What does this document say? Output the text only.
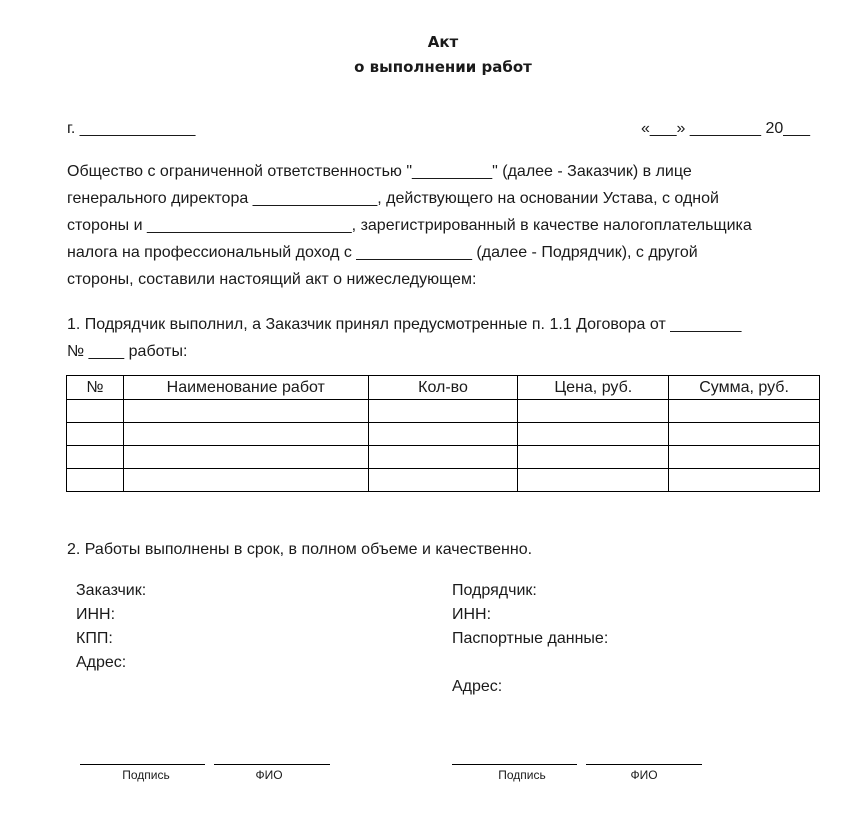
Акт
о выполнении работ
г. _____________	«___» ________ 20___
Общество с ограниченной ответственностью "_________" (далее - Заказчик) в лице
генерального директора ______________, действующего на основании Устава, с одной
стороны и _______________________, зарегистрированный в качестве налогоплательщика
налога на профессиональный доход с _____________ (далее - Подрядчик), с другой
стороны, составили настоящий акт о нижеследующем:
1. Подрядчик выполнил, а Заказчик принял предусмотренные п. 1.1 Договора от ________
№ ____ работы:
№	Наименование работ	Кол-во	Цена, руб.	Сумма, руб.

2. Работы выполнены в срок, в полном объеме и качественно.
Заказчик:
ИНН:
КПП:
Адрес:
Подрядчик:
ИНН:
Паспортные данные:

Адрес:
Подпись	ФИО	Подпись	ФИО
